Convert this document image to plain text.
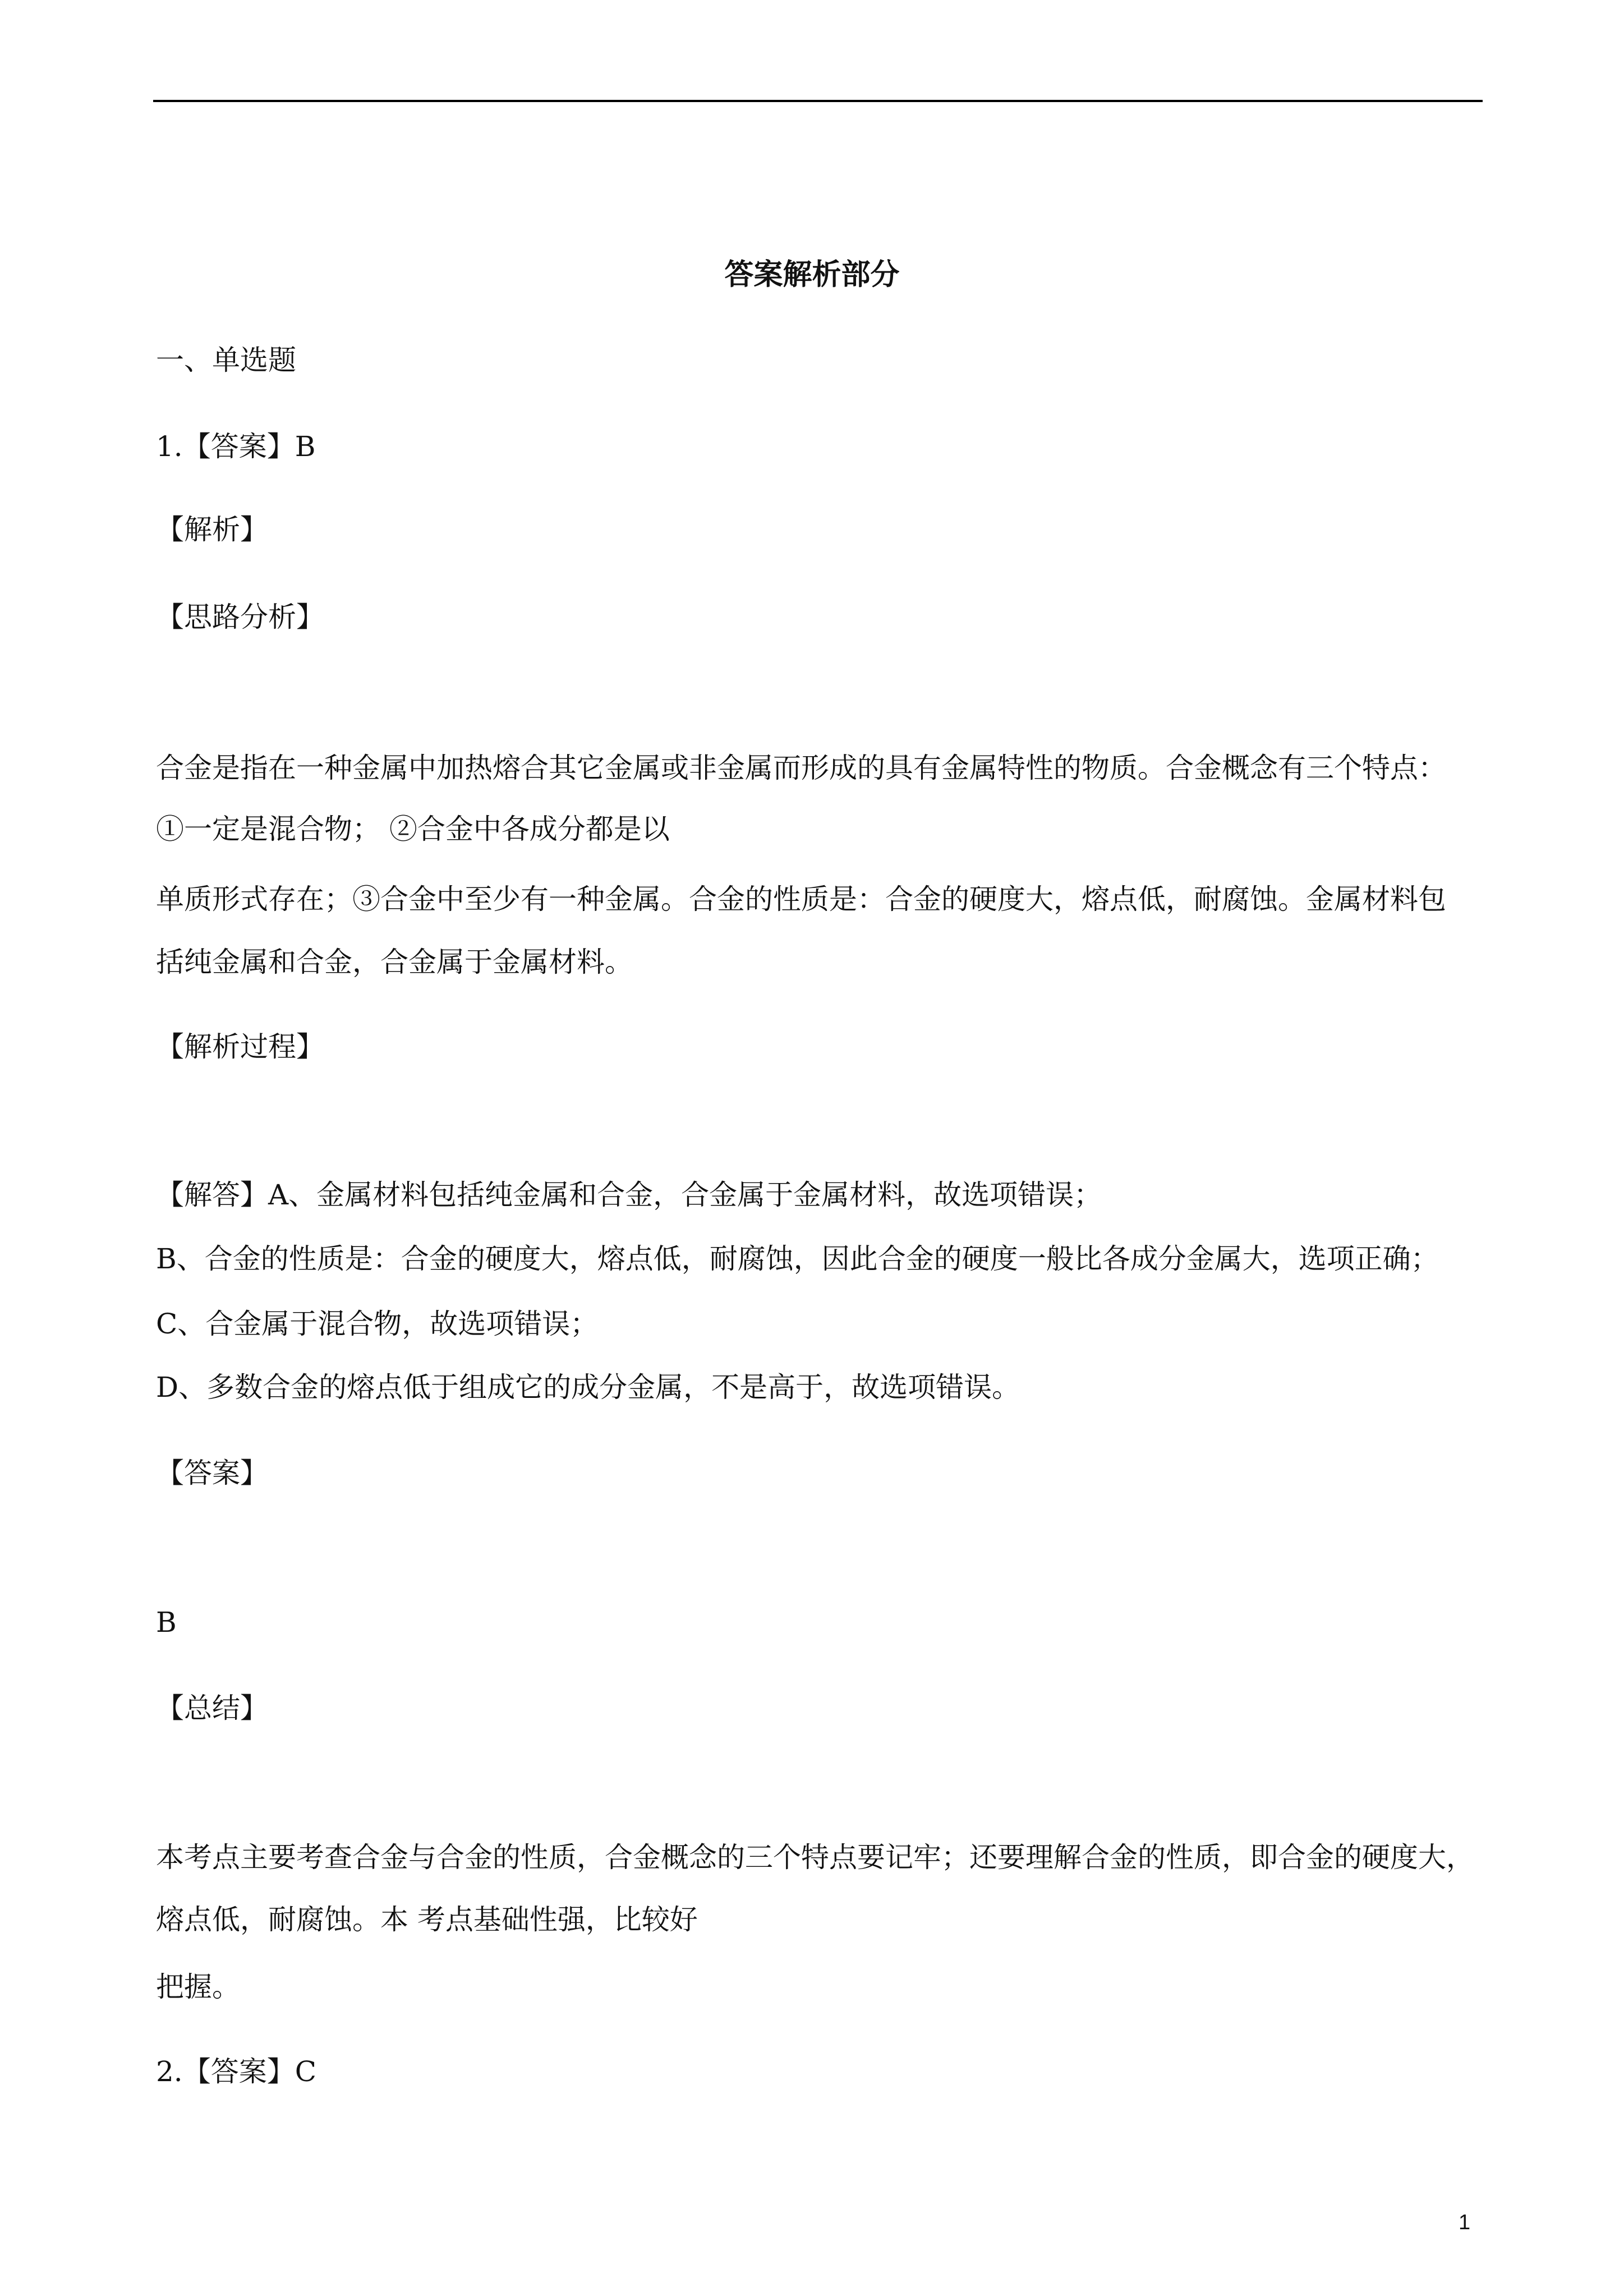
答案解析部分
一、单选题
1.【答案】B
【解析】
【思路分析】
合金是指在一种金属中加热熔合其它金属或非金属而形成的具有金属特性的物质。合金概念有三个特点：
①一定是混合物； ②合金中各成分都是以
单质形式存在；③合金中至少有一种金属。合金的性质是：合金的硬度大，熔点低，耐腐蚀。金属材料包
括纯金属和合金，合金属于金属材料。
【解析过程】
【解答】A、金属材料包括纯金属和合金，合金属于金属材料，故选项错误；
B、合金的性质是：合金的硬度大，熔点低，耐腐蚀，因此合金的硬度一般比各成分金属大，选项正确；
C、合金属于混合物，故选项错误；
D、多数合金的熔点低于组成它的成分金属，不是高于，故选项错误。
【答案】
B
【总结】
本考点主要考查合金与合金的性质，合金概念的三个特点要记牢；还要理解合金的性质，即合金的硬度大，
熔点低，耐腐蚀。本 考点基础性强，比较好
把握。
2.【答案】C
1
